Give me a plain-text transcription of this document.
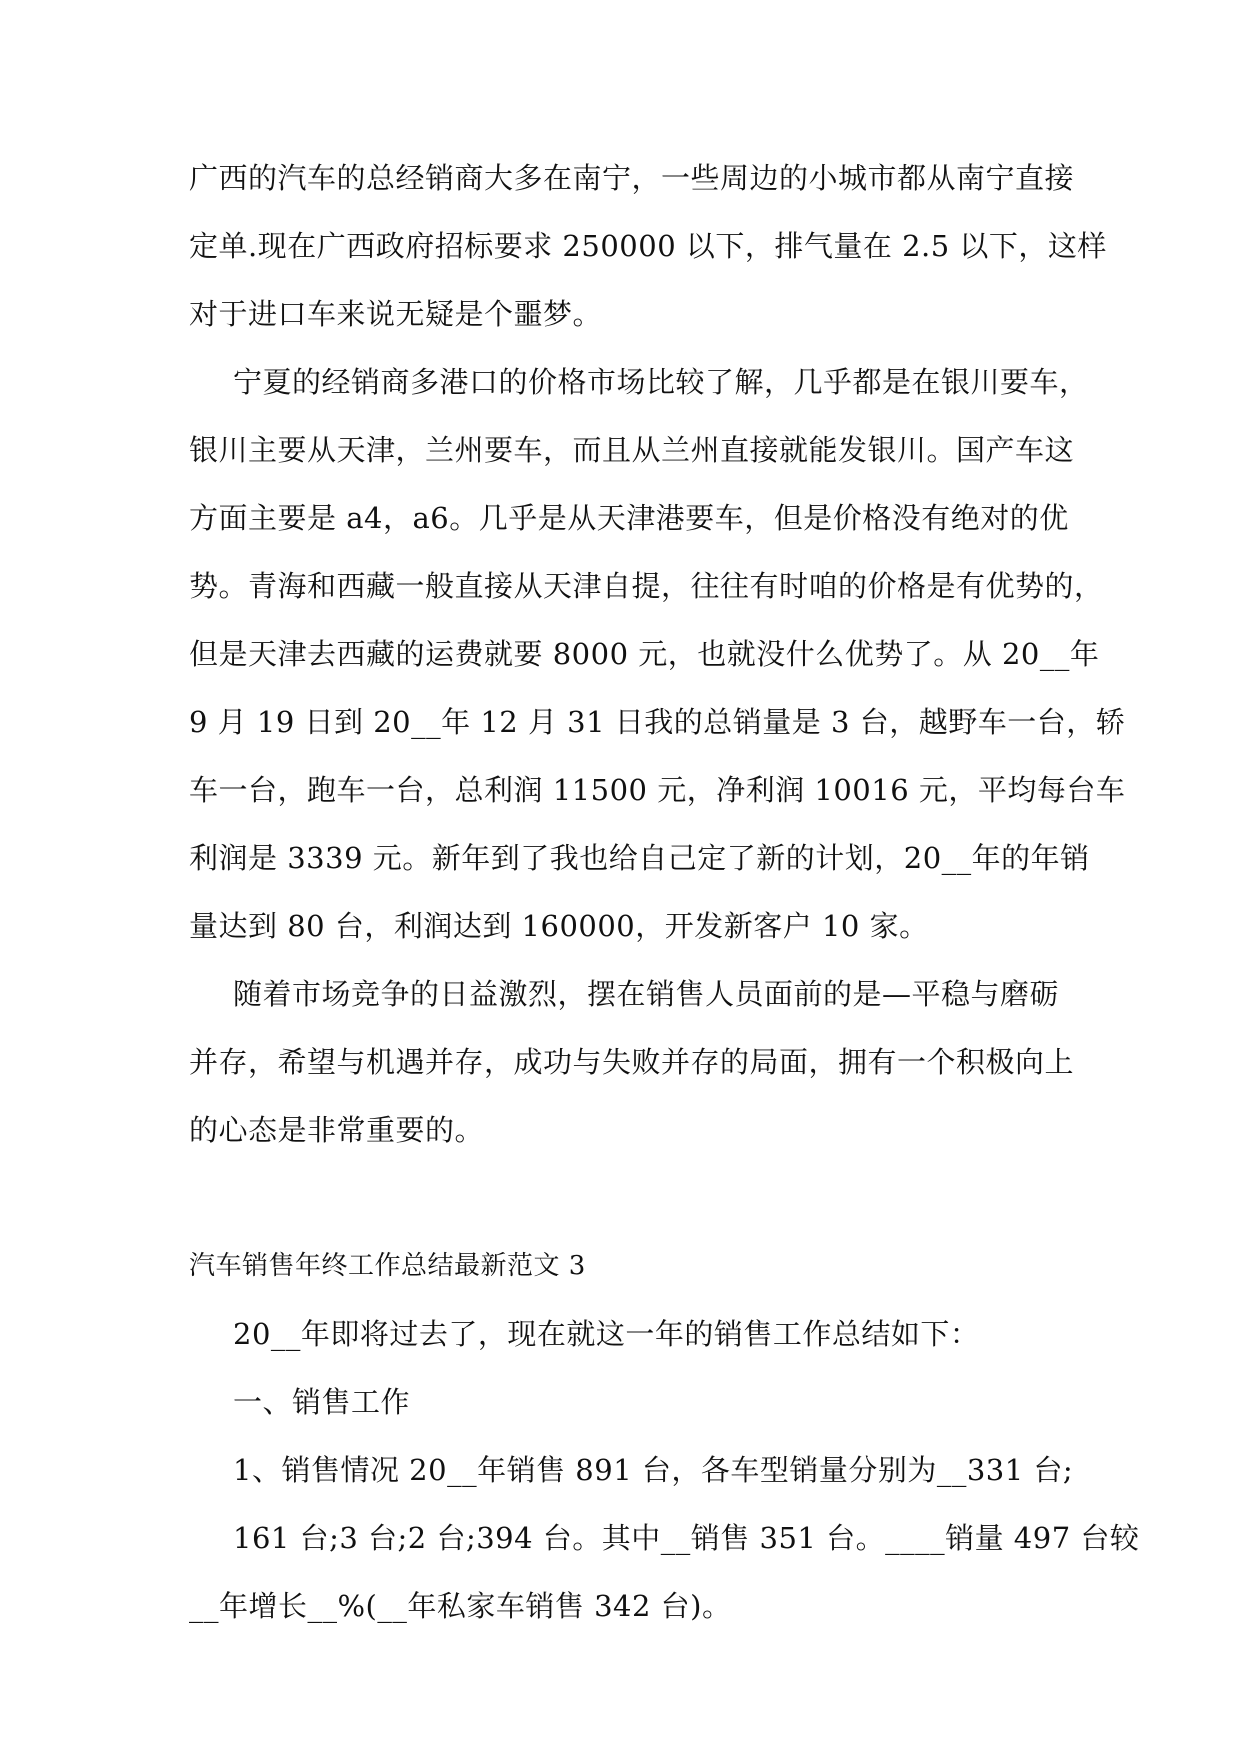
广西的汽车的总经销商大多在南宁，一些周边的小城市都从南宁直接
定单.现在广西政府招标要求 250000 以下，排气量在 2.5 以下，这样
对于进口车来说无疑是个噩梦。
宁夏的经销商多港口的价格市场比较了解，几乎都是在银川要车，
银川主要从天津，兰州要车，而且从兰州直接就能发银川。国产车这
方面主要是 a4，a6。几乎是从天津港要车，但是价格没有绝对的优
势。青海和西藏一般直接从天津自提，往往有时咱的价格是有优势的，
但是天津去西藏的运费就要 8000 元，也就没什么优势了。从 20__年
9 月 19 日到 20__年 12 月 31 日我的总销量是 3 台，越野车一台，轿
车一台，跑车一台，总利润 11500 元，净利润 10016 元，平均每台车
利润是 3339 元。新年到了我也给自己定了新的计划，20__年的年销
量达到 80 台，利润达到 160000，开发新客户 10 家。
随着市场竞争的日益激烈，摆在销售人员面前的是—平稳与磨砺
并存，希望与机遇并存，成功与失败并存的局面，拥有一个积极向上
的心态是非常重要的。
汽车销售年终工作总结最新范文 3
20__年即将过去了，现在就这一年的销售工作总结如下：
一、销售工作
1、销售情况 20__年销售 891 台，各车型销量分别为__331 台;
161 台;3 台;2 台;394 台。其中__销售 351 台。____销量 497 台较
__年增长__%(__年私家车销售 342 台)。
